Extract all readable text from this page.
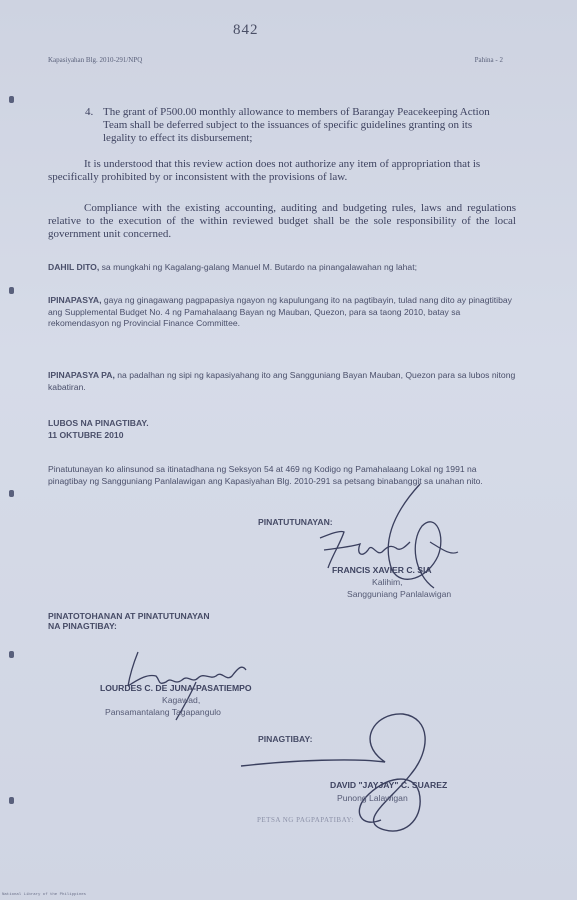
842
Kapasiyahan Blg. 2010-291/NPQ	Pahina - 2
4. The grant of P500.00 monthly allowance to members of Barangay Peacekeeping Action Team shall be deferred subject to the issuances of specific guidelines granting on its legality to effect its disbursement;
It is understood that this review action does not authorize any item of appropriation that is specifically prohibited by or inconsistent with the provisions of law.
Compliance with the existing accounting, auditing and budgeting rules, laws and regulations relative to the execution of the within reviewed budget shall be the sole responsibility of the local government unit concerned.
DAHIL DITO, sa mungkahi ng Kagalang-galang Manuel M. Butardo na pinangalawahan ng lahat;
IPINAPASYA, gaya ng ginagawang pagpapasiya ngayon ng kapulungang ito na pagtibayin, tulad nang dito ay pinagtitibay ang Supplemental Budget No. 4 ng Pamahalaang Bayan ng Mauban, Quezon, para sa taong 2010, batay sa rekomendasyon ng Provincial Finance Committee.
IPINAPASYA PA, na padalhan ng sipi ng kapasiyahang ito ang Sangguniang Bayan Mauban, Quezon para sa lubos nitong kabatiran.
LUBOS NA PINAGTIBAY.
11 OKTUBRE 2010
Pinatutunayan ko alinsunod sa itinatadhana ng Seksyon 54 at 469 ng Kodigo ng Pamahalaang Lokal ng 1991 na pinagtibay ng Sangguniang Panlalawigan ang Kapasiyahan Blg. 2010-291 sa petsang binabanggit sa unahan nito.
PINATUTUNAYAN:
FRANCIS XAVIER C. SIA
Kalihim,
Sangguniang Panlalawigan
PINATOTOHANAN AT PINATUTUNAYAN
NA PINAGTIBAY:
LOURDES C. DE JUNA-PASATIEMPO
Kagawad,
Pansamantalang Tagapangulo
PINAGTIBAY:
DAVID "JAYJAY" C. SUAREZ
Punong Lalawigan
PETSA NG PAGPAPATIBAY:
National Library of the Philippines
